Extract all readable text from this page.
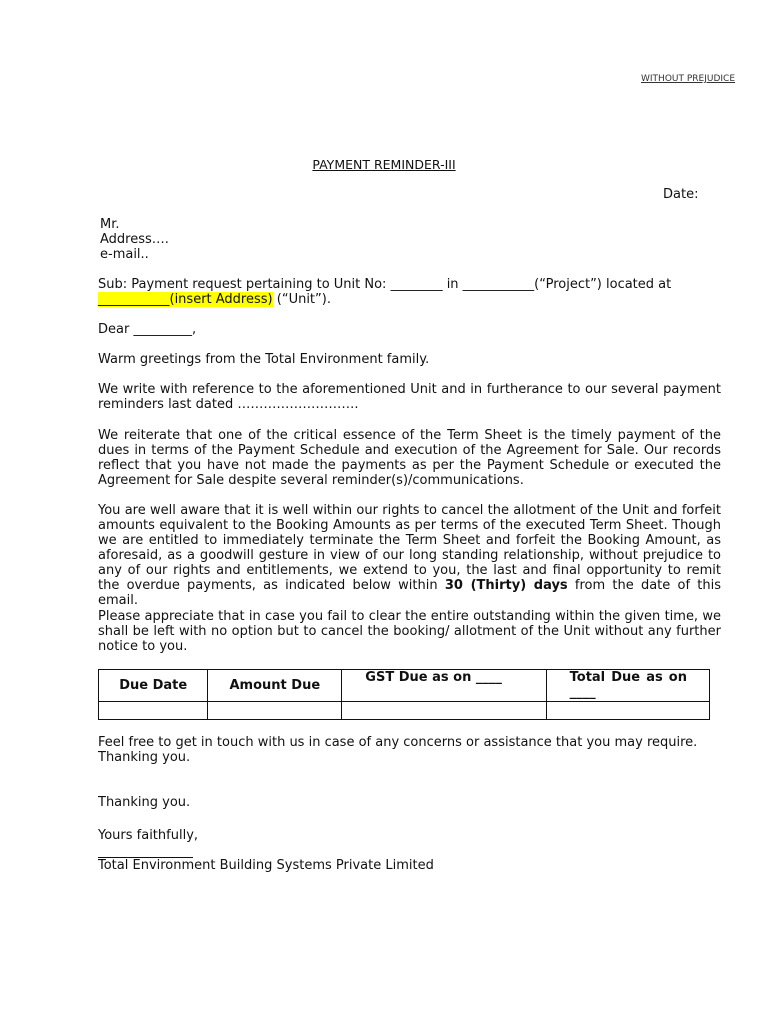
WITHOUT PREJUDICE
PAYMENT REMINDER-III
Date:
Mr.
Address….
e-mail..
Sub: Payment request pertaining to Unit No: ________ in ___________(“Project”) located at
___________(insert Address) (“Unit”).
Dear _________,
Warm greetings from the Total Environment family.
We write with reference to the aforementioned Unit and in furtherance to our several payment reminders last dated ……………………….
We reiterate that one of the critical essence of the Term Sheet is the timely payment of the dues in terms of the Payment Schedule and execution of the Agreement for Sale. Our records reflect that you have not made the payments as per the Payment Schedule or executed the Agreement for Sale despite several reminder(s)/communications.
You are well aware that it is well within our rights to cancel the allotment of the Unit and forfeit amounts equivalent to the Booking Amounts as per terms of the executed Term Sheet. Though we are entitled to immediately terminate the Term Sheet and forfeit the Booking Amount, as aforesaid, as a goodwill gesture in view of our long standing relationship, without prejudice to any of our rights and entitlements, we extend to you, the last and final opportunity to remit the overdue payments, as indicated below within 30 (Thirty) days from the date of this email.
Please appreciate that in case you fail to clear the entire outstanding within the given time, we shall be left with no option but to cancel the booking/ allotment of the Unit without any further notice to you.
Due Date	Amount Due	GST Due as on ____	Total Due as on ____

Feel free to get in touch with us in case of any concerns or assistance that you may require.
Thanking you.
Thanking you.
Yours faithfully,
Total Environment Building Systems Private Limited
